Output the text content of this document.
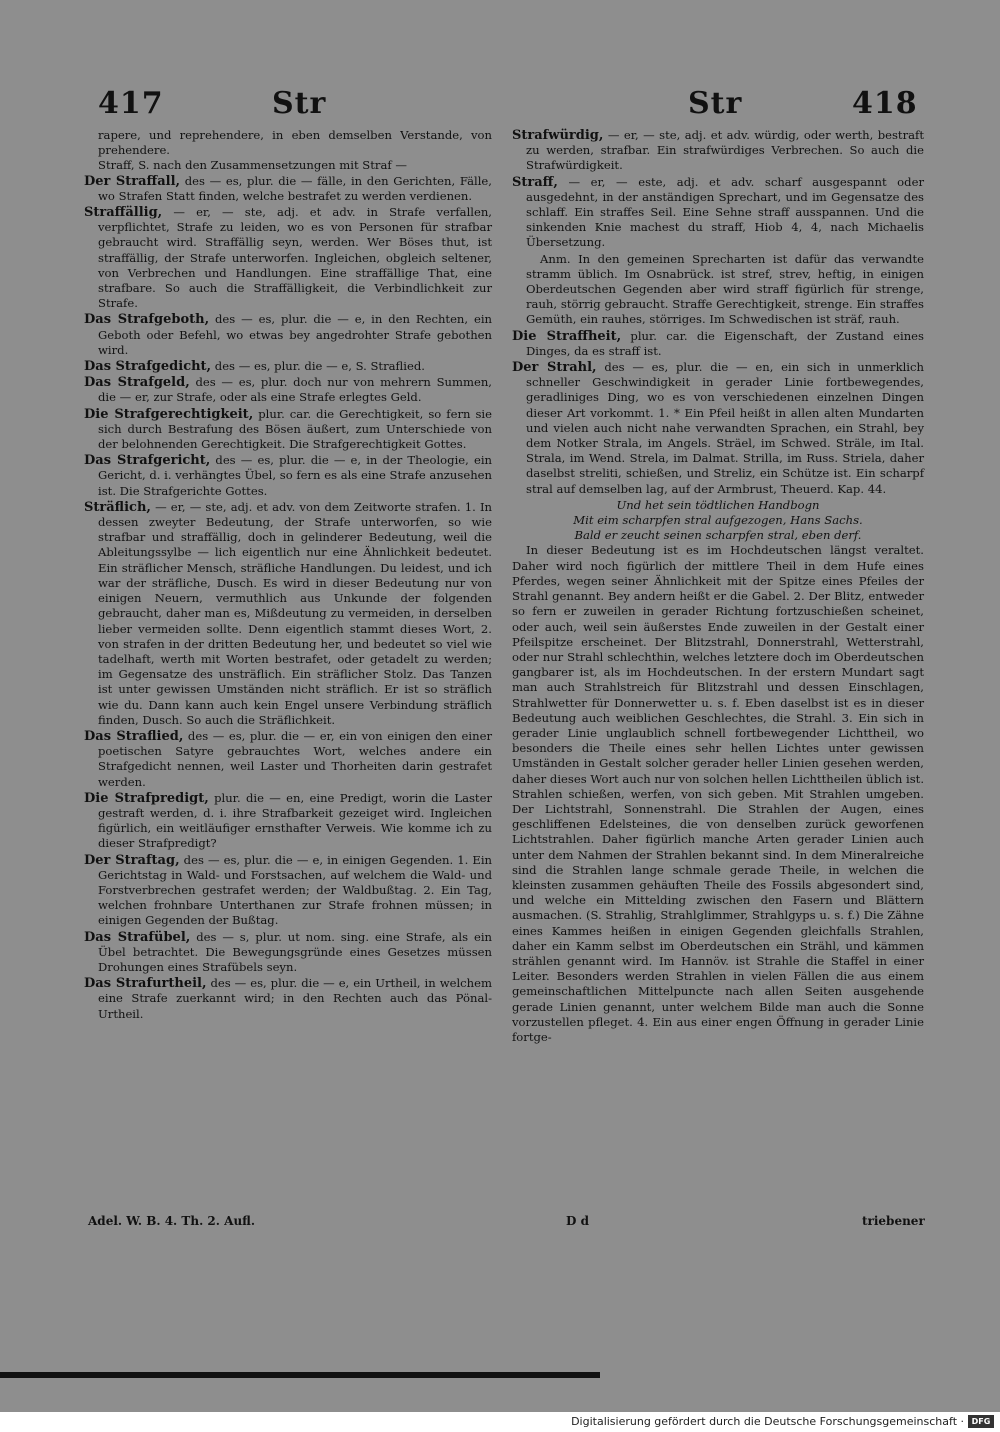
417	Str	Str	418
rapere, und reprehendere, in eben demselben Verstande, von prehendere.
Straff, S. nach den Zusammensetzungen mit Straf —
Der Straffall, des — es, plur. die — fälle, in den Gerichten, Fälle, wo Strafen Statt finden, welche bestrafet zu werden verdienen.
Straffällig, — er, — ste, adj. et adv. in Strafe verfallen, verpflichtet, Strafe zu leiden, wo es von Personen für strafbar gebraucht wird. Straffällig seyn, werden. Wer Böses thut, ist straffällig, der Strafe unterworfen. Ingleichen, obgleich seltener, von Verbrechen und Handlungen. Eine straffällige That, eine strafbare. So auch die Straffälligkeit, die Verbindlichkeit zur Strafe.
Das Strafgeboth, des — es, plur. die — e, in den Rechten, ein Geboth oder Befehl, wo etwas bey angedrohter Strafe gebothen wird.
Das Strafgedicht, des — es, plur. die — e, S. Straflied.
Das Strafgeld, des — es, plur. doch nur von mehrern Summen, die — er, zur Strafe, oder als eine Strafe erlegtes Geld.
Die Strafgerechtigkeit, plur. car. die Gerechtigkeit, so fern sie sich durch Bestrafung des Bösen äußert, zum Unterschiede von der belohnenden Gerechtigkeit. Die Strafgerechtigkeit Gottes.
Das Strafgericht, des — es, plur. die — e, in der Theologie, ein Gericht, d. i. verhängtes Übel, so fern es als eine Strafe anzusehen ist. Die Strafgerichte Gottes.
Sträflich, — er, — ste, adj. et adv. von dem Zeitworte strafen. 1. In dessen zweyter Bedeutung, der Strafe unterworfen, so wie strafbar und straffällig, doch in gelinderer Bedeutung, weil die Ableitungssylbe — lich eigentlich nur eine Ähnlichkeit bedeutet. Ein sträflicher Mensch, sträfliche Handlungen. Du leidest, und ich war der sträfliche, Dusch. Es wird in dieser Bedeutung nur von einigen Neuern, vermuthlich aus Unkunde der folgenden gebraucht, daher man es, Mißdeutung zu vermeiden, in derselben lieber vermeiden sollte. Denn eigentlich stammt dieses Wort, 2. von strafen in der dritten Bedeutung her, und bedeutet so viel wie tadelhaft, werth mit Worten bestrafet, oder getadelt zu werden; im Gegensatze des unsträflich. Ein sträflicher Stolz. Das Tanzen ist unter gewissen Umständen nicht sträflich. Er ist so sträflich wie du. Dann kann auch kein Engel unsere Verbindung sträflich finden, Dusch. So auch die Sträflichkeit.
Das Straflied, des — es, plur. die — er, ein von einigen den einer poetischen Satyre gebrauchtes Wort, welches andere ein Strafgedicht nennen, weil Laster und Thorheiten darin gestrafet werden.
Die Strafpredigt, plur. die — en, eine Predigt, worin die Laster gestraft werden, d. i. ihre Strafbarkeit gezeiget wird. Ingleichen figürlich, ein weitläufiger ernsthafter Verweis. Wie komme ich zu dieser Strafpredigt?
Der Straftag, des — es, plur. die — e, in einigen Gegenden. 1. Ein Gerichtstag in Wald- und Forstsachen, auf welchem die Wald- und Forstverbrechen gestrafet werden; der Waldbußtag. 2. Ein Tag, welchen frohnbare Unterthanen zur Strafe frohnen müssen; in einigen Gegenden der Bußtag.
Das Strafübel, des — s, plur. ut nom. sing. eine Strafe, als ein Übel betrachtet. Die Bewegungsgründe eines Gesetzes müssen Drohungen eines Strafübels seyn.
Das Strafurtheil, des — es, plur. die — e, ein Urtheil, in welchem eine Strafe zuerkannt wird; in den Rechten auch das Pönal-Urtheil.
Strafwürdig, — er, — ste, adj. et adv. würdig, oder werth, bestraft zu werden, strafbar. Ein strafwürdiges Verbrechen. So auch die Strafwürdigkeit.
Straff, — er, — este, adj. et adv. scharf ausgespannt oder ausgedehnt, in der anständigen Sprechart, und im Gegensatze des schlaff. Ein straffes Seil. Eine Sehne straff ausspannen. Und die sinkenden Knie machest du straff, Hiob 4, 4, nach Michaelis Übersetzung.
Anm. In den gemeinen Sprecharten ist dafür das verwandte stramm üblich. Im Osnabrück. ist stref, strev, heftig, in einigen Oberdeutschen Gegenden aber wird straff figürlich für strenge, rauh, störrig gebraucht. Straffe Gerechtigkeit, strenge. Ein straffes Gemüth, ein rauhes, störriges. Im Schwedischen ist sträf, rauh.
Die Straffheit, plur. car. die Eigenschaft, der Zustand eines Dinges, da es straff ist.
Der Strahl, des — es, plur. die — en, ein sich in unmerklich schneller Geschwindigkeit in gerader Linie fortbewegendes, geradliniges Ding, wo es von verschiedenen einzelnen Dingen dieser Art vorkommt. 1. * Ein Pfeil heißt in allen alten Mundarten und vielen auch nicht nahe verwandten Sprachen, ein Strahl, bey dem Notker Strala, im Angels. Sträel, im Schwed. Sträle, im Ital. Strala, im Wend. Strela, im Dalmat. Strilla, im Russ. Striela, daher daselbst streliti, schießen, und Streliz, ein Schütze ist. Ein scharpf stral auf demselben lag, auf der Armbrust, Theuerd. Kap. 44.
Und het sein tödtlichen Handbogn
Mit eim scharpfen stral aufgezogen, Hans Sachs.
Bald er zeucht seinen scharpfen stral, eben derf.
In dieser Bedeutung ist es im Hochdeutschen längst veraltet. Daher wird noch figürlich der mittlere Theil in dem Hufe eines Pferdes, wegen seiner Ähnlichkeit mit der Spitze eines Pfeiles der Strahl genannt. Bey andern heißt er die Gabel. 2. Der Blitz, entweder so fern er zuweilen in gerader Richtung fortzuschießen scheinet, oder auch, weil sein äußerstes Ende zuweilen in der Gestalt einer Pfeilspitze erscheinet. Der Blitzstrahl, Donnerstrahl, Wetterstrahl, oder nur Strahl schlechthin, welches letztere doch im Oberdeutschen gangbarer ist, als im Hochdeutschen. In der erstern Mundart sagt man auch Strahlstreich für Blitzstrahl und dessen Einschlagen, Strahlwetter für Donnerwetter u. s. f. Eben daselbst ist es in dieser Bedeutung auch weiblichen Geschlechtes, die Strahl. 3. Ein sich in gerader Linie unglaublich schnell fortbewegender Lichttheil, wo besonders die Theile eines sehr hellen Lichtes unter gewissen Umständen in Gestalt solcher gerader heller Linien gesehen werden, daher dieses Wort auch nur von solchen hellen Lichttheilen üblich ist. Strahlen schießen, werfen, von sich geben. Mit Strahlen umgeben. Der Lichtstrahl, Sonnenstrahl. Die Strahlen der Augen, eines geschliffenen Edelsteines, die von denselben zurück geworfenen Lichtstrahlen. Daher figürlich manche Arten gerader Linien auch unter dem Nahmen der Strahlen bekannt sind. In dem Mineralreiche sind die Strahlen lange schmale gerade Theile, in welchen die kleinsten zusammen gehäuften Theile des Fossils abgesondert sind, und welche ein Mittelding zwischen den Fasern und Blättern ausmachen. (S. Strahlig, Strahlglimmer, Strahlgyps u. s. f.) Die Zähne eines Kammes heißen in einigen Gegenden gleichfalls Strahlen, daher ein Kamm selbst im Oberdeutschen ein Strähl, und kämmen strählen genannt wird. Im Hannöv. ist Strahle die Staffel in einer Leiter. Besonders werden Strahlen in vielen Fällen die aus einem gemeinschaftlichen Mittelpuncte nach allen Seiten ausgehende gerade Linien genannt, unter welchem Bilde man auch die Sonne vorzustellen pfleget. 4. Ein aus einer engen Öffnung in gerader Linie fortge-
Adel. W. B. 4. Th. 2. Aufl.	D d	triebener
Digitalisierung gefördert durch die Deutsche Forschungsgemeinschaft · DFG
